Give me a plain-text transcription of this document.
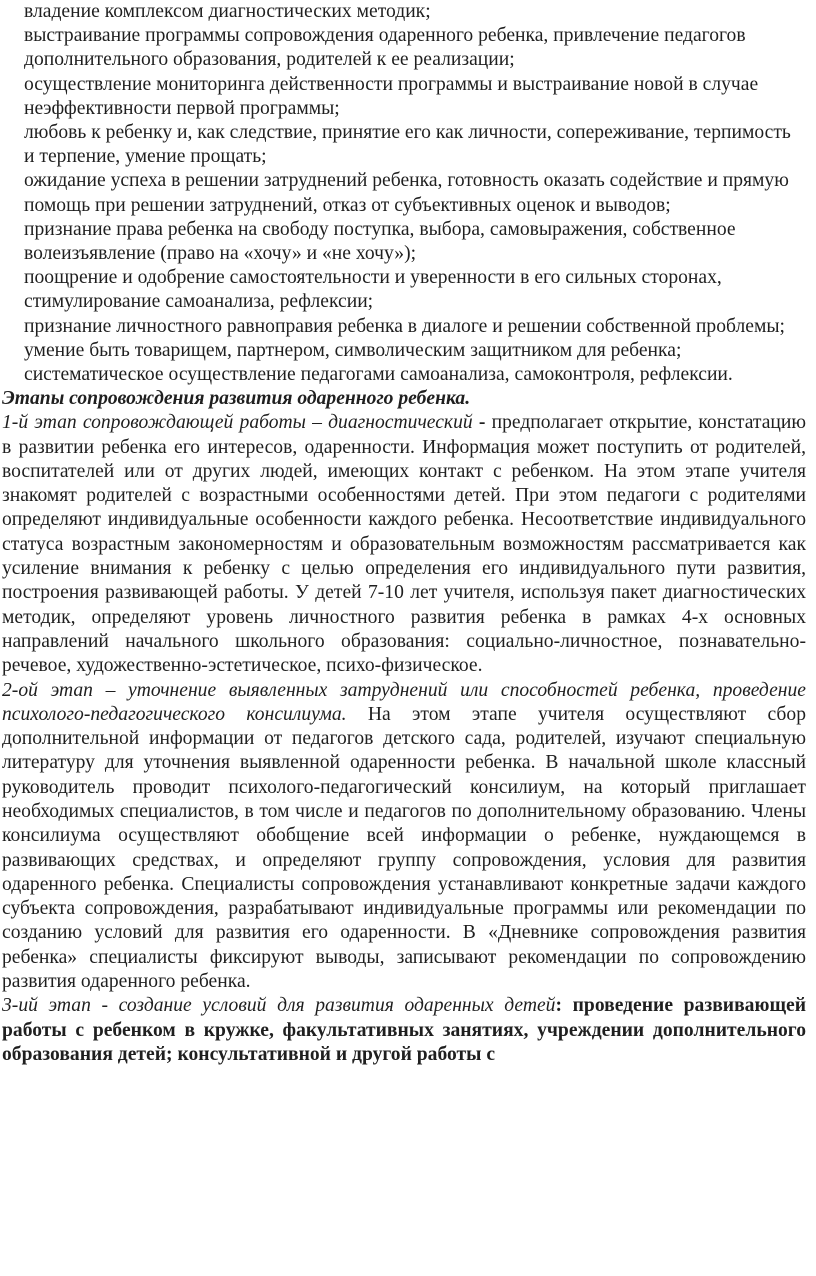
владение комплексом диагностических методик;
выстраивание программы сопровождения одаренного ребенка, привлечение педагогов дополнительного образования, родителей к ее реализации;
осуществление мониторинга действенности программы и выстраивание новой в случае неэффективности первой программы;
любовь к ребенку и, как следствие, принятие его как личности, сопереживание, терпимость и терпение, умение прощать;
ожидание успеха в решении затруднений ребенка, готовность оказать содействие и прямую помощь при решении затруднений, отказ от субъективных оценок и выводов;
признание права ребенка на свободу поступка, выбора, самовыражения, собственное волеизъявление (право на «хочу» и «не хочу»);
поощрение и одобрение самостоятельности и уверенности в его сильных сторонах, стимулирование самоанализа, рефлексии;
признание личностного равноправия ребенка в диалоге и решении собственной проблемы;
умение быть товарищем, партнером, символическим защитником для ребенка;
систематическое осуществление педагогами самоанализа, самоконтроля, рефлексии.

Этапы сопровождения развития одаренного ребенка.

1-й этап сопровождающей работы – диагностический - предполагает открытие, констатацию в развитии ребенка его интересов, одаренности. Информация может поступить от родителей, воспитателей или от других людей, имеющих контакт с ребенком. На этом этапе учителя знакомят родителей с возрастными особенностями детей. При этом педагоги с родителями определяют индивидуальные особенности каждого ребенка. Несоответствие индивидуального статуса возрастным закономерностям и образовательным возможностям рассматривается как усиление внимания к ребенку с целью определения его индивидуального пути развития, построения развивающей работы. У детей 7-10 лет учителя, используя пакет диагностических методик, определяют уровень личностного развития ребенка в рамках 4-х основных направлений начального школьного образования: социально-личностное, познавательно-речевое, художественно-эстетическое, психо-физическое.

2-ой этап – уточнение выявленных затруднений или способностей ребенка, проведение психолого-педагогического консилиума. На этом этапе учителя осуществляют сбор дополнительной информации от педагогов детского сада, родителей, изучают специальную литературу для уточнения выявленной одаренности ребенка. В начальной школе классный руководитель проводит психолого-педагогический консилиум, на который приглашает необходимых специалистов, в том числе и педагогов по дополнительному образованию. Члены консилиума осуществляют обобщение всей информации о ребенке, нуждающемся в развивающих средствах, и определяют группу сопровождения, условия для развития одаренного ребенка. Специалисты сопровождения устанавливают конкретные задачи каждого субъекта сопровождения, разрабатывают индивидуальные программы или рекомендации по созданию условий для развития его одаренности. В «Дневнике сопровождения развития ребенка» специалисты фиксируют выводы, записывают рекомендации по сопровождению развития одаренного ребенка.

3-ий этап - создание условий для развития одаренных детей: проведение развивающей работы с ребенком в кружке, факультативных занятиях, учреждении дополнительного образования детей; консультативной и другой работы с
